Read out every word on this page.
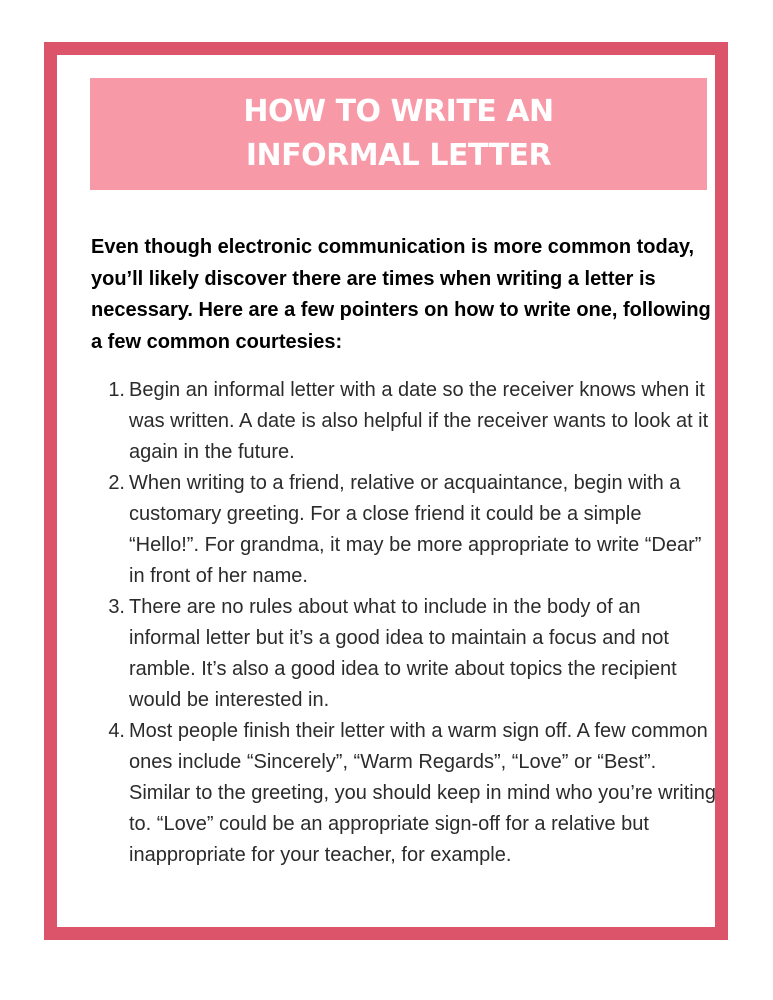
HOW TO WRITE AN
INFORMAL LETTER

Even though electronic communication is more common today, you’ll likely discover there are times when writing a letter is necessary. Here are a few pointers on how to write one, following a few common courtesies:

1. Begin an informal letter with a date so the receiver knows when it was written. A date is also helpful if the receiver wants to look at it again in the future.
2. When writing to a friend, relative or acquaintance, begin with a customary greeting. For a close friend it could be a simple “Hello!”. For grandma, it may be more appropriate to write “Dear” in front of her name.
3. There are no rules about what to include in the body of an informal letter but it’s a good idea to maintain a focus and not ramble. It’s also a good idea to write about topics the recipient would be interested in.
4. Most people finish their letter with a warm sign off. A few common ones include “Sincerely”, “Warm Regards”, “Love” or “Best”. Similar to the greeting, you should keep in mind who you’re writing to. “Love” could be an appropriate sign-off for a relative but inappropriate for your teacher, for example.
